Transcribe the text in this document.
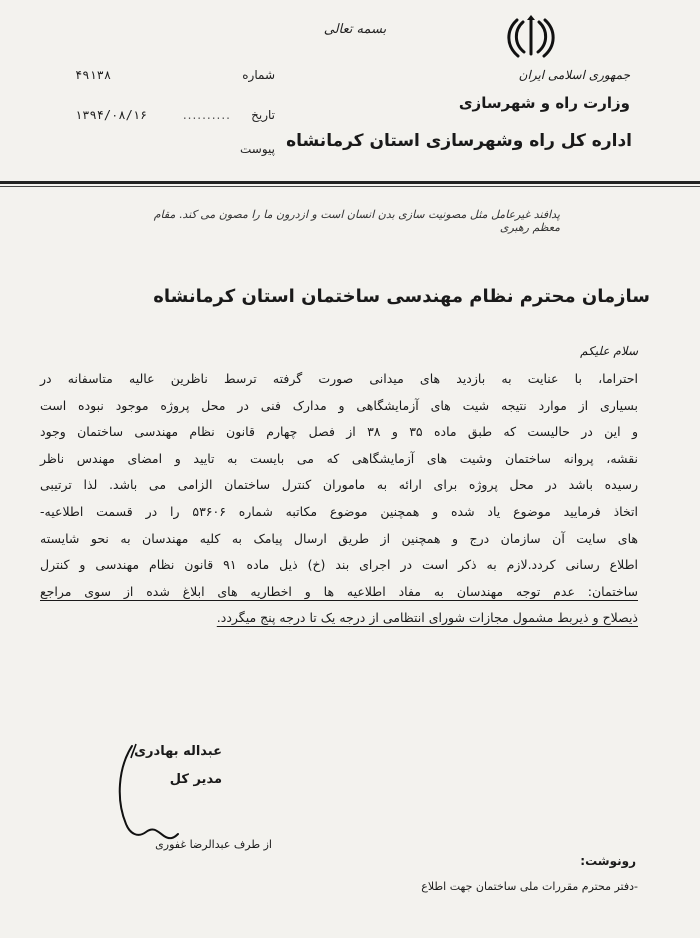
بسمه تعالی
جمهوری اسلامی ایران
وزارت راه و شهرسازی
اداره کل راه وشهرسازی استان کرمانشاه
شماره
۴۹۱۳۸
تاریخ
..........
۱۳۹۴/۰۸/۱۶
پیوست
پدافند غیرعامل مثل مصونیت سازی بدن انسان است و ازدرون ما را مصون می کند. مقام معظم رهبری
سازمان محترم نظام مهندسی ساختمان استان کرمانشاه
سلام علیکم
احتراما، با عنایت به بازدید های میدانی صورت گرفته ترسط ناظرین عالیه متاسفانه در
بسیاری از موارد نتیجه شیت های آزمایشگاهی و مدارک فنی در محل پروژه موجود نبوده است
و این در حالیست که طبق ماده ۳۵ و ۳۸ از فصل چهارم قانون نظام مهندسی ساختمان وجود
نقشه، پروانه ساختمان وشیت های آزمایشگاهی که می بایست به تایید و امضای مهندس ناظر
رسیده باشد در محل پروژه برای ارائه به ماموران کنترل ساختمان الزامی می باشد. لذا ترتیبی
اتخاذ فرمایید موضوع یاد شده و همچنین موضوع مکاتبه شماره ۵۳۶۰۶ را در قسمت اطلاعیه-
های سایت آن سازمان درج و همچنین از طریق ارسال پیامک به کلیه مهندسان به نحو شایسته
اطلاع رسانی کردد.لازم به ذکر است در اجرای بند (خ) ذیل ماده ۹۱ قانون نظام مهندسی و کنترل
ساختمان: عدم توجه مهندسان به مفاد اطلاعیه ها و اخطاریه های ابلاغ شده از سوی مراجع
ذیصلاح و ذیربط مشمول مجازات شورای انتظامی از درجه یک تا درجه پنج میگردد.
عبداله بهادری
مدیر کل
از طرف عبدالرضا غفوری
رونوشت:
-دفتر محترم مقررات ملی ساختمان جهت اطلاع
